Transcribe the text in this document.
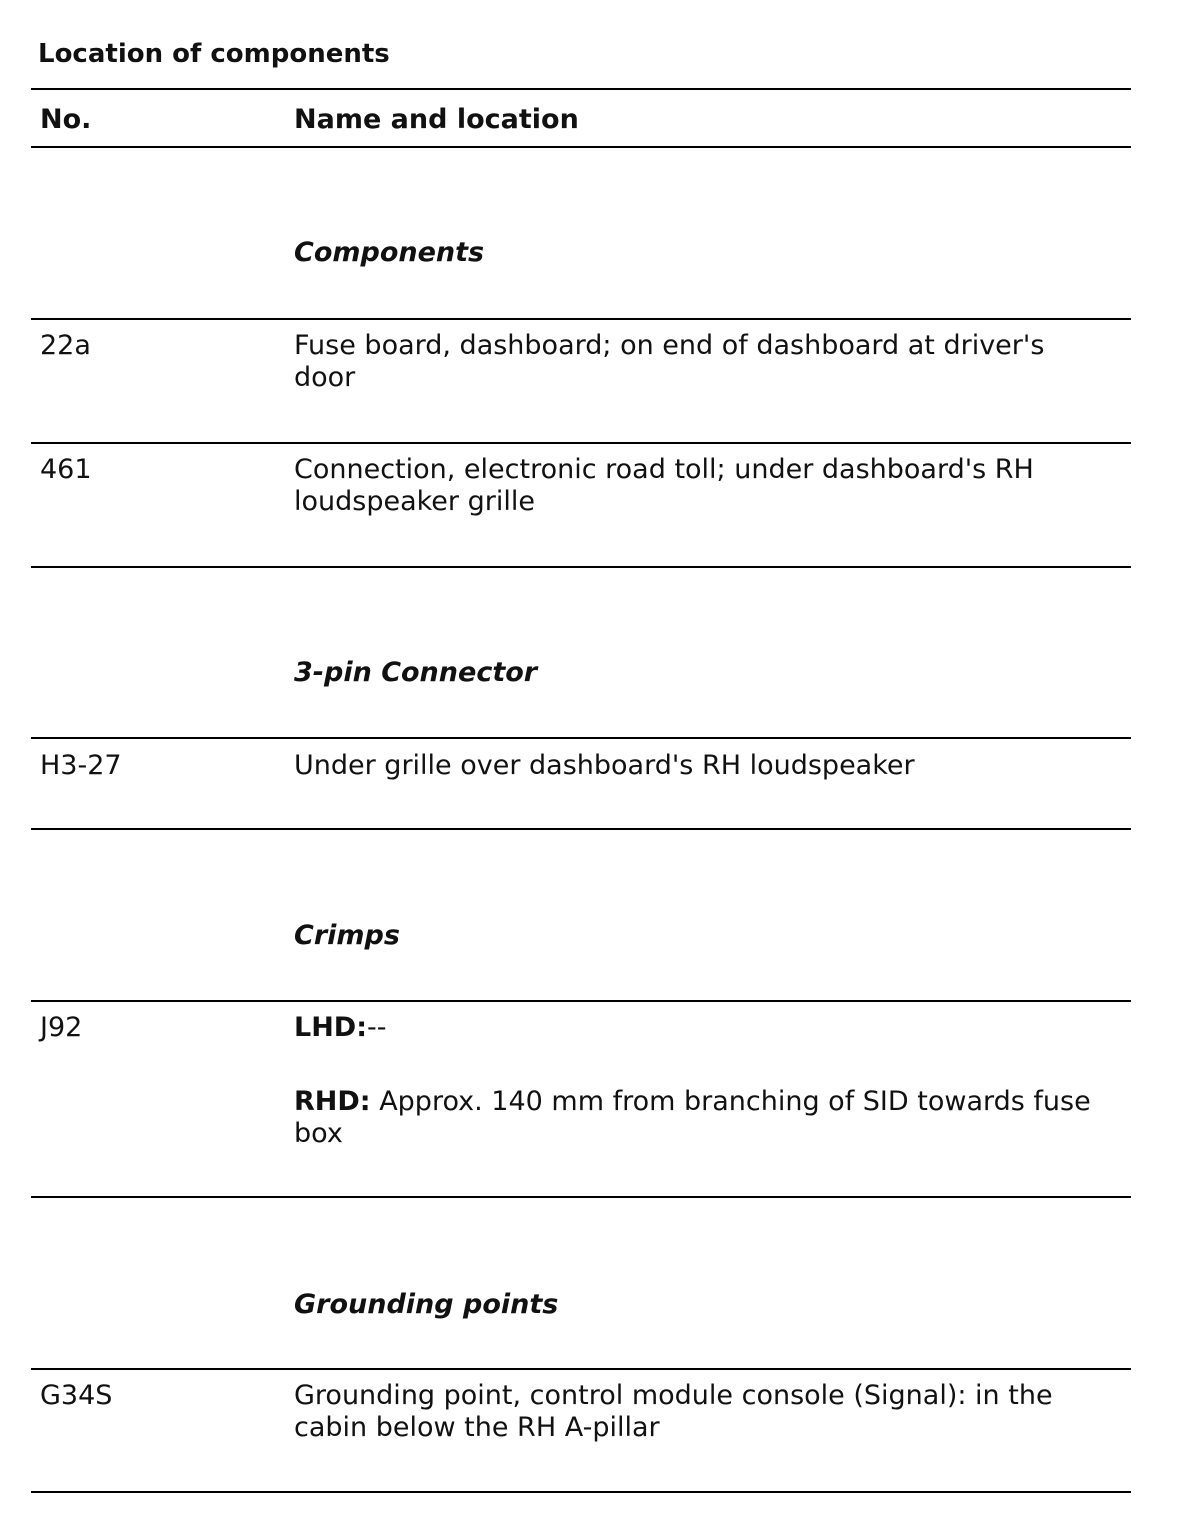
Location of components
No.	Name and location
Components
22a	Fuse board, dashboard; on end of dashboard at driver's door
461	Connection, electronic road toll; under dashboard's RH loudspeaker grille
3-pin Connector
H3-27	Under grille over dashboard's RH loudspeaker
Crimps
J92	LHD:--
RHD: Approx. 140 mm from branching of SID towards fuse box
Grounding points
G34S	Grounding point, control module console (Signal): in the cabin below the RH A-pillar
